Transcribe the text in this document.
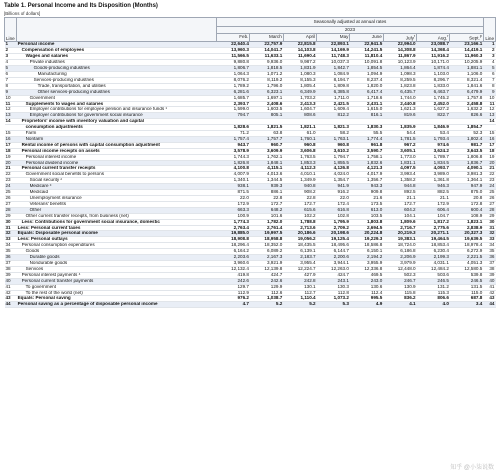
Table 1. Personal Income and Its Disposition (Months)
[Billions of dollars]
Line		Seasonally adjusted at annual rates								Line
		2023								
		Feb.	March	April	May	June	July$^r$	Aug.$^r$	Sept.$^p$
1	Personal income	22,640.4	22,757.9	22,815.8	22,893.1	22,941.5	22,994.0	23,088.7	23,166.1	1
2	Compensation of employees	13,960.3	14,041.7	14,103.8	14,169.9	14,241.5	14,308.8	14,368.4	14,419.1	2
3	Wages and salaries	11,566.5	11,633.1	11,690.4	11,748.3	11,810.4	11,867.9	11,916.2	11,960.3	3
4	Private industries	9,880.8	9,936.0	9,987.2	10,037.3	10,091.8	10,123.9	10,171.0	10,205.9	4
5	Goods-producing industries	1,806.7	1,818.5	1,831.9	1,842.7	1,854.5	1,864.4	1,874.4	1,881.1	5
6	Manufacturing	1,064.3	1,071.2	1,080.3	1,084.9	1,094.9	1,098.3	1,103.0	1,106.0	6
7	Services-producing industries	8,076.2	8,119.2	8,155.3	8,194.7	8,237.4	8,259.5	8,296.7	8,321.4	7
8	Trade, transportation, and utilities	1,789.2	1,796.0	1,805.4	1,809.8	1,820.0	1,823.8	1,833.0	1,841.6	8
9	Other services-producing industries	6,281.6	6,323.1	6,349.9	6,385.8	6,417.4	6,435.7	6,463.7	6,479.9	9
10	Government	1,685.7	1,697.1	1,703.2	1,711.0	1,718.6	1,744.0	1,745.2	1,757.8	10
11	Supplements to wages and salaries	2,393.7	2,408.6	2,413.3	2,421.5	2,431.1	2,440.8	2,452.0	2,458.8	11
12	Employer contributions for employee pension and insurance funds ¹	1,599.0	1,603.5	1,604.7	1,609.4	1,615.0	1,621.3	1,627.2	1,632.2	12
13	Employer contributions for government social insurance	794.7	805.1	808.6	812.2	816.1	819.6	822.7	826.6	13
14	Proprietors' income with inventory valuation and capital									14
	consumption adjustments	1,828.6	1,821.5	1,821.1	1,821.3	1,830.3	1,835.9	1,846.9	1,854.7	
15	Farm	71.2	63.8	61.0	58.2	55.5	54.4	53.4	52.3	15
16	Nonfarm	1,757.4	1,757.7	1,760.1	1,763.1	1,774.4	1,781.5	1,793.4	1,802.4	16
17	Rental income of persons with capital consumption adjustment	943.7	960.7	960.8	960.8	961.8	967.2	974.6	981.7	17
18	Personal income receipts on assets	3,578.9	3,609.9	3,606.8	3,610.2	3,590.7	3,605.1	3,624.2	3,643.5	18
19	Personal interest income	1,744.3	1,762.1	1,763.5	1,794.7	1,758.1	1,773.0	1,789.7	1,806.8	19
20	Personal dividend income	1,826.8	1,848.1	1,853.3	1,855.5	1,832.6	1,831.1	1,834.5	1,836.7	20
21	Personal current transfer receipts	4,100.8	4,115.1	4,112.3	4,126.8	4,121.3	4,097.5	4,093.7	4,090.1	21
22	Government social benefits to persons	4,007.9	4,013.6	4,010.1	4,024.0	4,017.9	3,993.4	3,989.0	3,981.3	22
23	Social security ²	1,340.1	1,344.5	1,349.9	1,354.7	1,356.7	1,358.2	1,361.8	1,364.1	23
24	Medicare ³	938.1	939.3	940.8	941.9	943.3	944.8	946.3	947.9	24
25	Medicaid	871.5	886.1	908.2	916.2	909.8	892.5	882.5	875.0	25
26	Unemployment insurance	22.0	22.8	22.8	22.0	21.6	21.1	21.1	20.8	26
27	Veterans' benefits	172.9	172.7	172.7	172.4	173.5	172.7	172.9	172.8	27
28	Other	663.3	648.2	615.6	616.8	613.0	604.2	606.4	600.4	28
29	Other current transfer receipts, from business (net)	100.9	101.6	102.2	102.8	103.5	104.1	104.7	108.9	29
30	Less: Contributions for government social insurance, domestic	1,774.3	1,782.0	1,788.8	1,795.9	1,803.8	1,809.6	1,817.2	1,823.1	30
31	Less: Personal current taxes	2,763.4	2,761.4	2,713.6	2,709.2	2,694.5	2,716.7	2,775.6	2,838.9	31
32	Equals: Disposable personal income	19,885.0	19,997.5	20,186.6	20,198.6	20,224.8	20,219.3	20,271.1	20,327.3	32
33	Less: Personal outlays	18,908.8	18,958.8	19,056.2	19,125.4	19,229.3	19,383.1	19,464.5	19,639.5	33
34	Personal consumption expenditures	18,296.4	18,352.0	18,435.5	18,495.6	18,586.8	18,724.0	18,853.4	18,978.4	34
35	Goods	6,164.2	6,089.2	6,139.1	6,144.7	6,150.1	6,186.8	6,230.4	6,272.9	35
36	Durable goods	2,203.6	2,167.3	2,183.7	2,200.6	2,194.2	2,206.9	2,199.3	2,221.5	36
37	Nondurable goods	3,960.6	3,921.9	3,955.4	3,944.1	3,955.9	3,979.9	4,031.1	4,051.3	37
38	Services	12,132.4	12,139.8	12,224.7	12,263.0	12,336.8	12,448.0	12,484.2	12,580.5	38
39	Personal interest payments ⁴	419.8	424.7	427.9	424.7	469.5	502.3	503.6	539.8	39
40	Personal current transfer payments	242.6	242.6	242.8	243.1	243.0	246.7	246.5	246.5	40
41	To government	129.7	129.9	130.1	130.3	130.6	130.9	131.2	131.5	41
42	To the rest of the world (net)	112.9	112.6	112.7	112.8	112.4	115.8	115.3	115.0	42
43	Equals: Personal saving	976.2	1,038.7	1,110.4	1,073.2	995.5	836.2	806.6	687.8	43
44	Personal saving as a percentage of disposable personal income	4.7	5.2	5.2	5.3	4.9	4.1	4.0	3.4	44
知乎 @小柒说数
